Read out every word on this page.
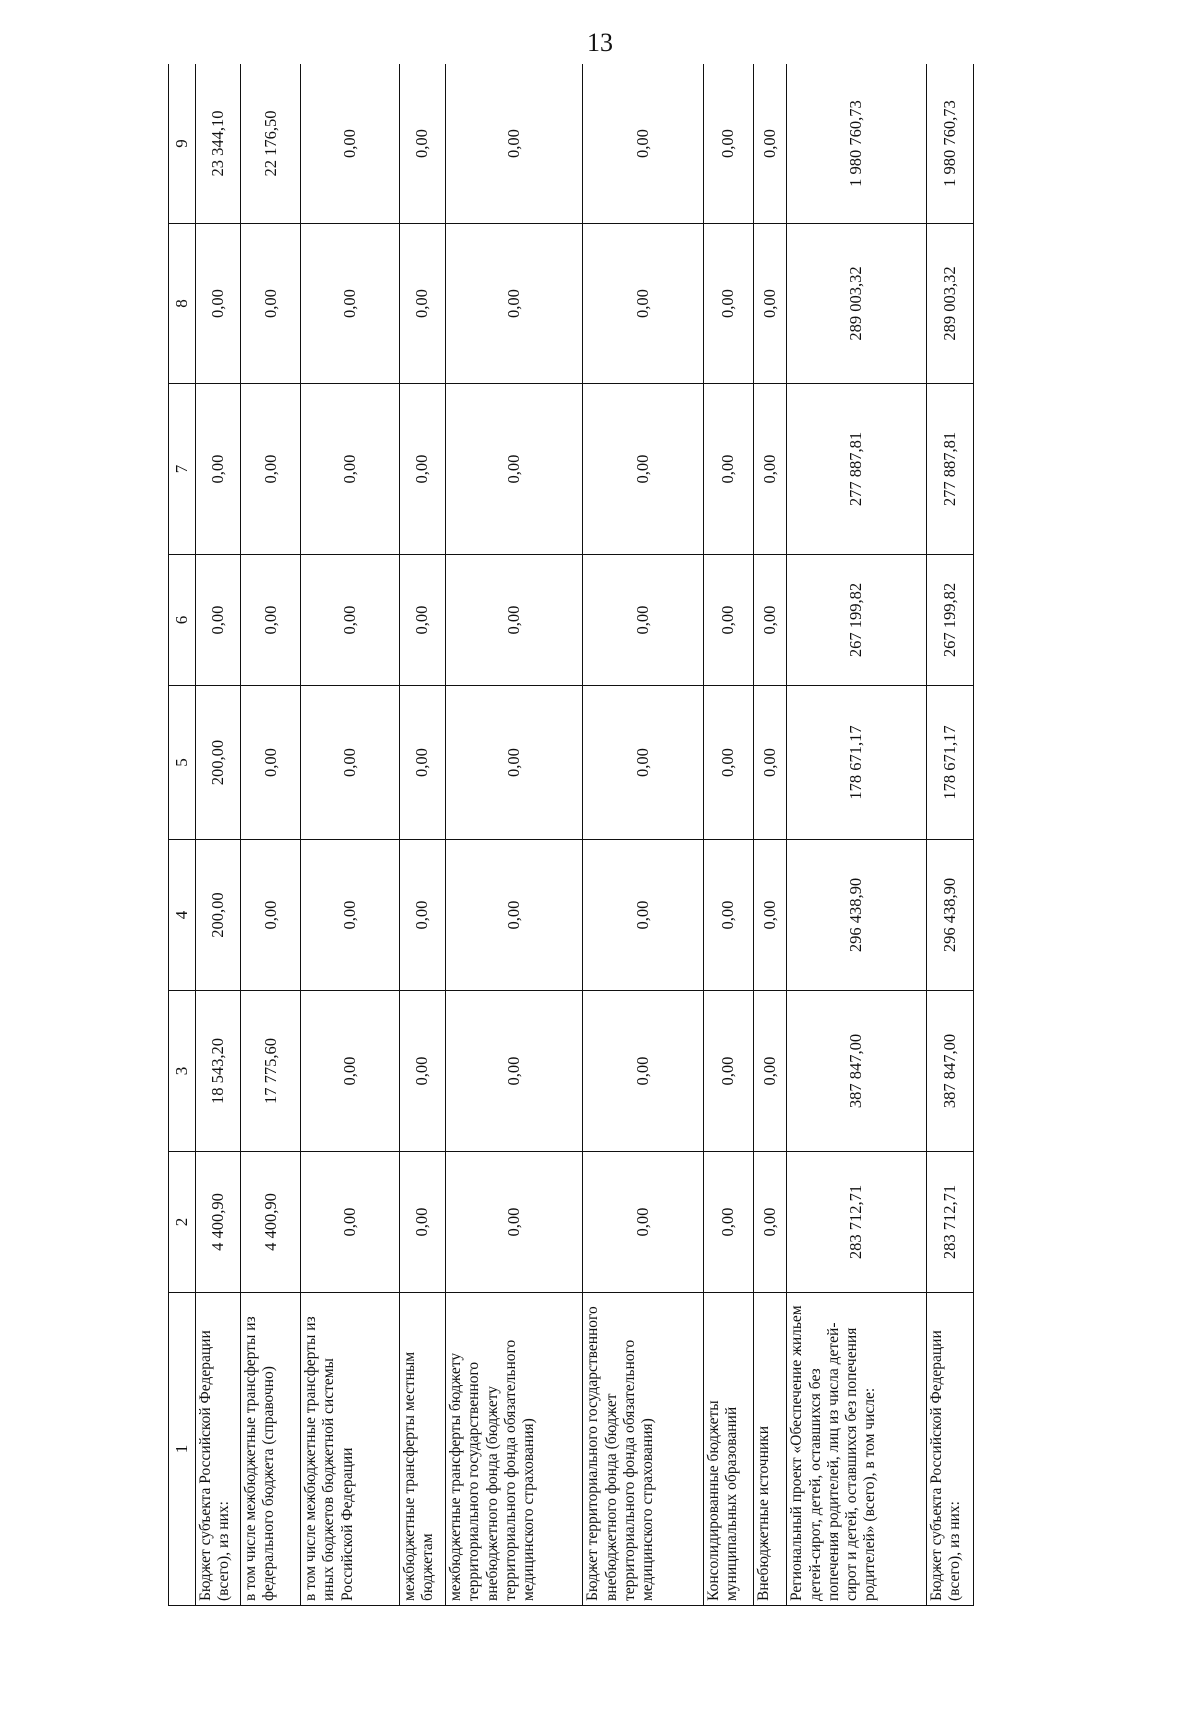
13
1	2	3	4	5	6	7	8	9
Бюджет субъекта Российской Федерации (всего), из них:	4 400,90	18 543,20	200,00	200,00	0,00	0,00	0,00	23 344,10
в том числе межбюджетные трансферты из федерального бюджета (справочно)	4 400,90	17 775,60	0,00	0,00	0,00	0,00	0,00	22 176,50
в том числе межбюджетные трансферты из иных бюджетов бюджетной системы Российской Федерации	0,00	0,00	0,00	0,00	0,00	0,00	0,00	0,00
межбюджетные трансферты местным бюджетам	0,00	0,00	0,00	0,00	0,00	0,00	0,00	0,00
межбюджетные трансферты бюджету территориального государственного внебюджетного фонда (бюджету территориального фонда обязательного медицинского страхования)	0,00	0,00	0,00	0,00	0,00	0,00	0,00	0,00
Бюджет территориального государственного внебюджетного фонда (бюджет территориального фонда обязательного медицинского страхования)	0,00	0,00	0,00	0,00	0,00	0,00	0,00	0,00
Консолидированные бюджеты муниципальных образований	0,00	0,00	0,00	0,00	0,00	0,00	0,00	0,00
Внебюджетные источники	0,00	0,00	0,00	0,00	0,00	0,00	0,00	0,00
Региональный проект «Обеспечение жильем детей-сирот, детей, оставшихся без попечения родителей, лиц из числа детей-сирот и детей, оставшихся без попечения родителей» (всего), в том числе:	283 712,71	387 847,00	296 438,90	178 671,17	267 199,82	277 887,81	289 003,32	1 980 760,73
Бюджет субъекта Российской Федерации (всего), из них:	283 712,71	387 847,00	296 438,90	178 671,17	267 199,82	277 887,81	289 003,32	1 980 760,73
